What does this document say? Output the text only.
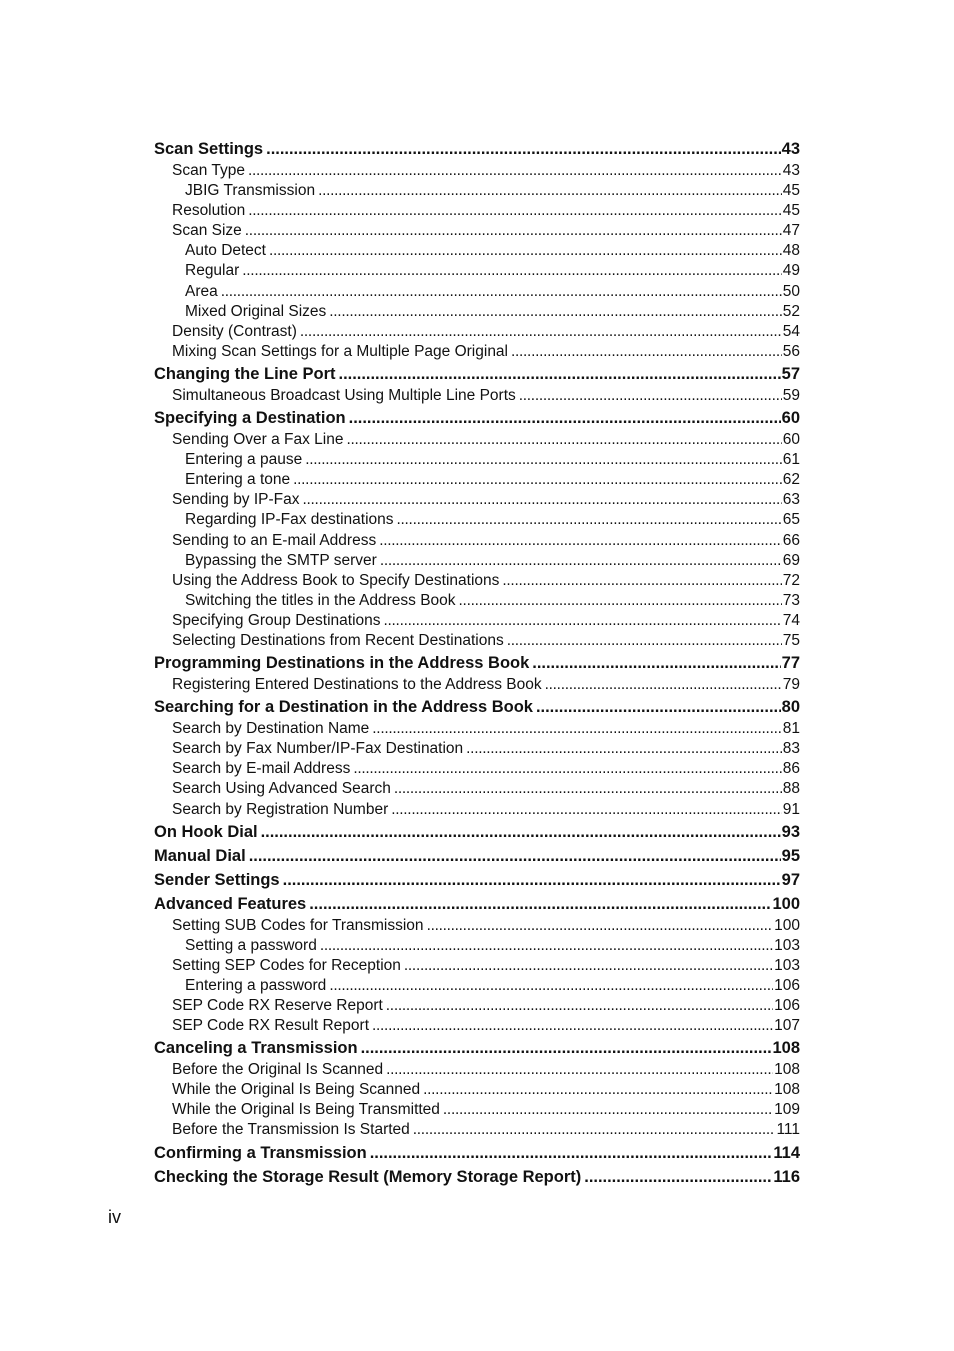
Scan Settings . . .	43
Scan Type . . .	43
JBIG Transmission . . .	45
Resolution . . .	45
Scan Size . . .	47
Auto Detect . . .	48
Regular . . .	49
Area . . .	50
Mixed Original Sizes . . .	52
Density (Contrast) . . .	54
Mixing Scan Settings for a Multiple Page Original . . .	56
Changing the Line Port . . .	57
Simultaneous Broadcast Using Multiple Line Ports . . .	59
Specifying a Destination . . .	60
Sending Over a Fax Line . . .	60
Entering a pause . . .	61
Entering a tone . . .	62
Sending by IP-Fax . . .	63
Regarding IP-Fax destinations . . .	65
Sending to an E-mail Address . . .	66
Bypassing the SMTP server . . .	69
Using the Address Book to Specify Destinations . . .	72
Switching the titles in the Address Book . . .	73
Specifying Group Destinations . . .	74
Selecting Destinations from Recent Destinations . . .	75
Programming Destinations in the Address Book . . .	77
Registering Entered Destinations to the Address Book . . .	79
Searching for a Destination in the Address Book . . .	80
Search by Destination Name . . .	81
Search by Fax Number/IP-Fax Destination . . .	83
Search by E-mail Address . . .	86
Search Using Advanced Search . . .	88
Search by Registration Number . . .	91
On Hook Dial . . .	93
Manual Dial . . .	95
Sender Settings . . .	97
Advanced Features . . .	100
Setting SUB Codes for Transmission . . .	100
Setting a password . . .	103
Setting SEP Codes for Reception . . .	103
Entering a password . . .	106
SEP Code RX Reserve Report . . .	106
SEP Code RX Result Report . . .	107
Canceling a Transmission . . .	108
Before the Original Is Scanned . . .	108
While the Original Is Being Scanned . . .	108
While the Original Is Being Transmitted . . .	109
Before the Transmission Is Started . . .	111
Confirming a Transmission . . .	114
Checking the Storage Result (Memory Storage Report) . . .	116
iv
